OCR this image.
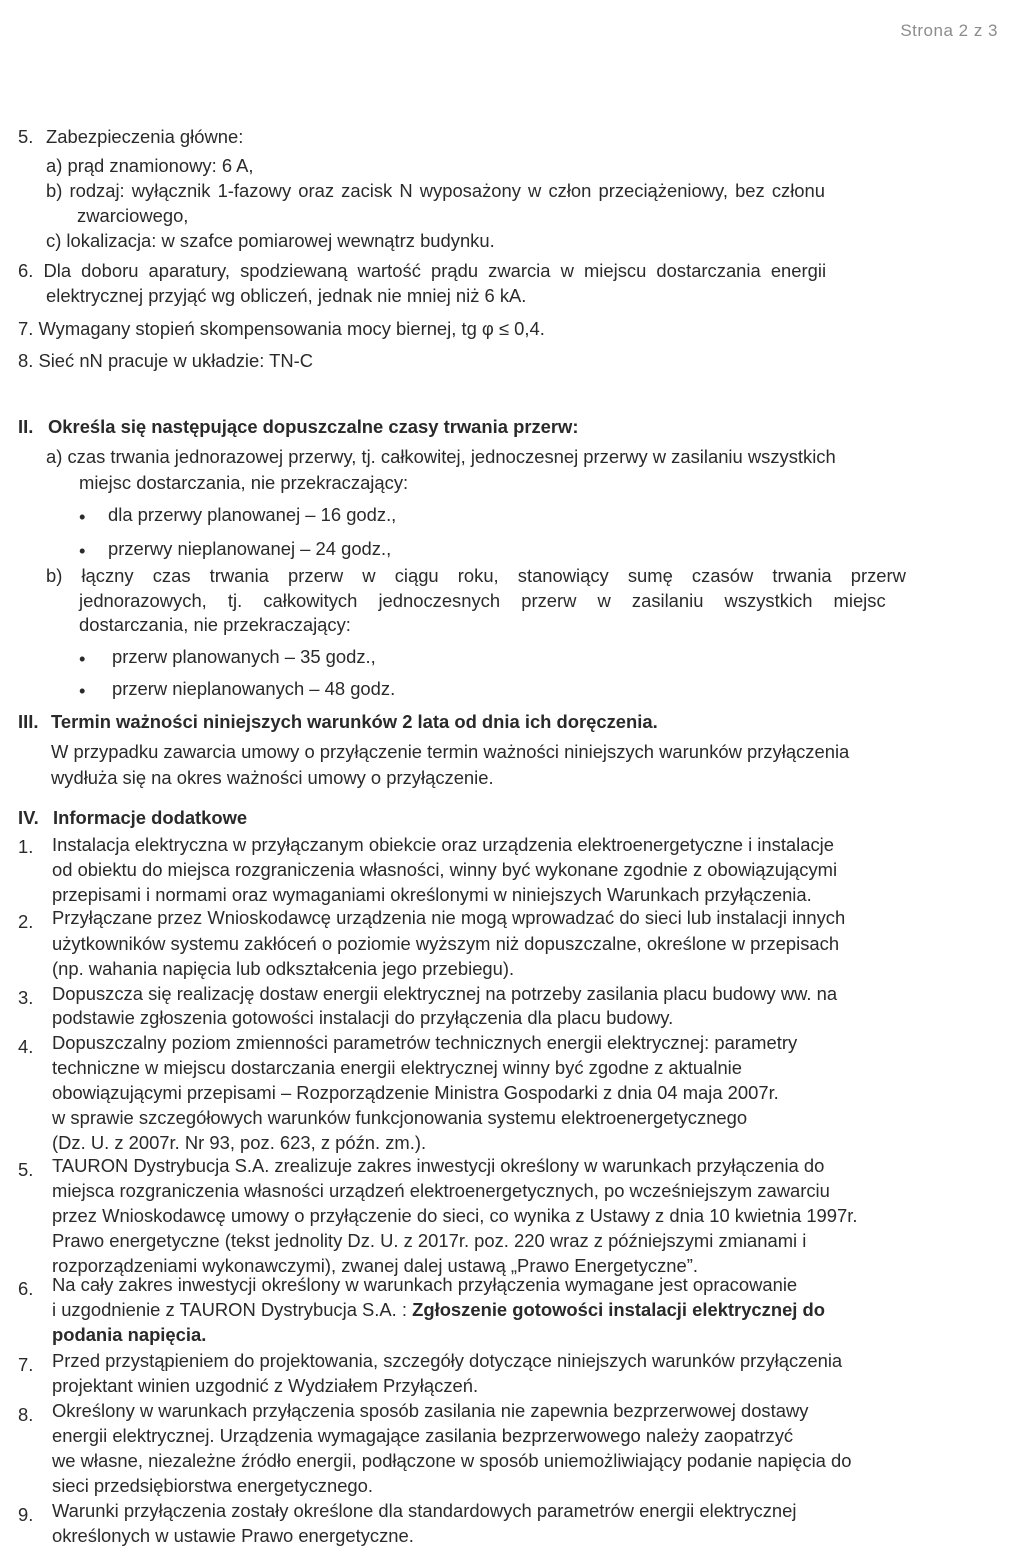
Strona 2 z 3
5. Zabezpieczenia główne:
a) prąd znamionowy: 6 A,
b) rodzaj: wyłącznik 1-fazowy oraz zacisk N wyposażony w człon przeciążeniowy, bez członu
zwarciowego,
c) lokalizacja: w szafce pomiarowej wewnątrz budynku.
6. Dla doboru aparatury, spodziewaną wartość prądu zwarcia w miejscu dostarczania energii
elektrycznej przyjąć wg obliczeń, jednak nie mniej niż 6 kA.
7. Wymagany stopień skompensowania mocy biernej, tg φ ≤ 0,4.
8. Sieć nN pracuje w układzie: TN-C
II. Określa się następujące dopuszczalne czasy trwania przerw:
a) czas trwania jednorazowej przerwy, tj. całkowitej, jednoczesnej przerwy w zasilaniu wszystkich
miejsc dostarczania, nie przekraczający:
• dla przerwy planowanej – 16 godz.,
• przerwy nieplanowanej – 24 godz.,
b) łączny czas trwania przerw w ciągu roku, stanowiący sumę czasów trwania przerw
jednorazowych, tj. całkowitych jednoczesnych przerw w zasilaniu wszystkich miejsc
dostarczania, nie przekraczający:
• przerw planowanych – 35 godz.,
• przerw nieplanowanych – 48 godz.
III. Termin ważności niniejszych warunków 2 lata od dnia ich doręczenia.
W przypadku zawarcia umowy o przyłączenie termin ważności niniejszych warunków przyłączenia
wydłuża się na okres ważności umowy o przyłączenie.
IV. Informacje dodatkowe
1. Instalacja elektryczna w przyłączanym obiekcie oraz urządzenia elektroenergetyczne i instalacje
od obiektu do miejsca rozgraniczenia własności, winny być wykonane zgodnie z obowiązującymi
przepisami i normami oraz wymaganiami określonymi w niniejszych Warunkach przyłączenia.
2. Przyłączane przez Wnioskodawcę urządzenia nie mogą wprowadzać do sieci lub instalacji innych
użytkowników systemu zakłóceń o poziomie wyższym niż dopuszczalne, określone w przepisach
(np. wahania napięcia lub odkształcenia jego przebiegu).
3. Dopuszcza się realizację dostaw energii elektrycznej na potrzeby zasilania placu budowy ww. na
podstawie zgłoszenia gotowości instalacji do przyłączenia dla placu budowy.
4. Dopuszczalny poziom zmienności parametrów technicznych energii elektrycznej: parametry
techniczne w miejscu dostarczania energii elektrycznej winny być zgodne z aktualnie
obowiązującymi przepisami – Rozporządzenie Ministra Gospodarki z dnia 04 maja 2007r.
w sprawie szczegółowych warunków funkcjonowania systemu elektroenergetycznego
(Dz. U. z 2007r. Nr 93, poz. 623, z późn. zm.).
5. TAURON Dystrybucja S.A. zrealizuje zakres inwestycji określony w warunkach przyłączenia do
miejsca rozgraniczenia własności urządzeń elektroenergetycznych, po wcześniejszym zawarciu
przez Wnioskodawcę umowy o przyłączenie do sieci, co wynika z Ustawy z dnia 10 kwietnia 1997r.
Prawo energetyczne (tekst jednolity Dz. U. z 2017r. poz. 220 wraz z późniejszymi zmianami i
rozporządzeniami wykonawczymi), zwanej dalej ustawą „Prawo Energetyczne”.
6. Na cały zakres inwestycji określony w warunkach przyłączenia wymagane jest opracowanie
i uzgodnienie z TAURON Dystrybucja S.A. : Zgłoszenie gotowości instalacji elektrycznej do
podania napięcia.
7. Przed przystąpieniem do projektowania, szczegóły dotyczące niniejszych warunków przyłączenia
projektant winien uzgodnić z Wydziałem Przyłączeń.
8. Określony w warunkach przyłączenia sposób zasilania nie zapewnia bezprzerwowej dostawy
energii elektrycznej. Urządzenia wymagające zasilania bezprzerwowego należy zaopatrzyć
we własne, niezależne źródło energii, podłączone w sposób uniemożliwiający podanie napięcia do
sieci przedsiębiorstwa energetycznego.
9. Warunki przyłączenia zostały określone dla standardowych parametrów energii elektrycznej
określonych w ustawie Prawo energetyczne.
